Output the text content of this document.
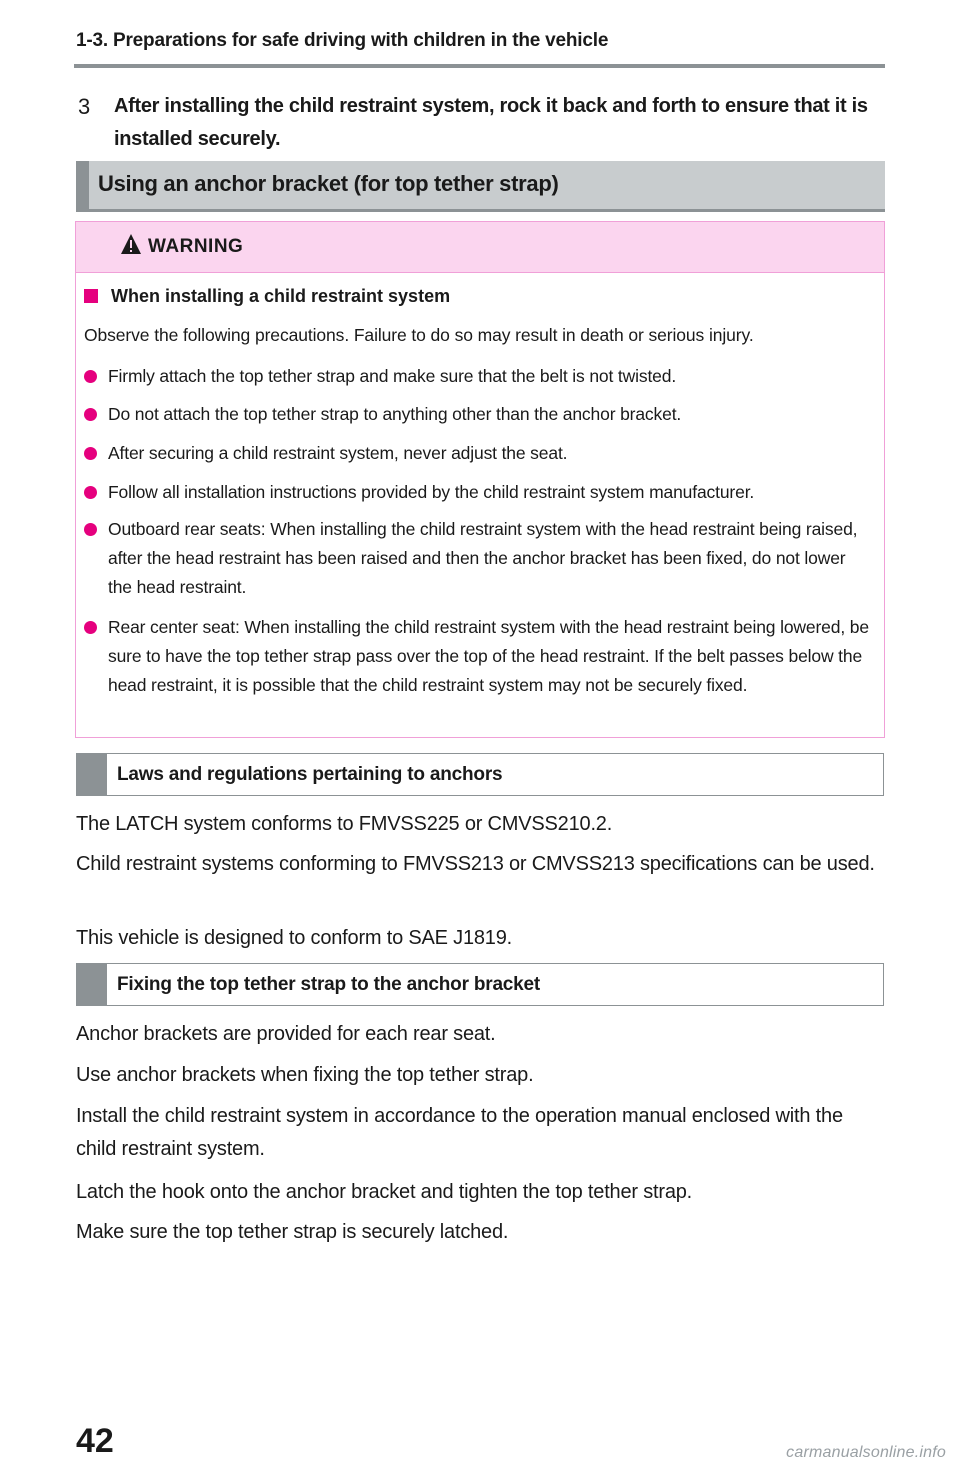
1-3. Preparations for safe driving with children in the vehicle
3	After installing the child restraint system, rock it back and forth to ensure that it is installed securely.
Using an anchor bracket (for top tether strap)
WARNING
When installing a child restraint system
Observe the following precautions. Failure to do so may result in death or serious injury.
Firmly attach the top tether strap and make sure that the belt is not twisted.
Do not attach the top tether strap to anything other than the anchor bracket.
After securing a child restraint system, never adjust the seat.
Follow all installation instructions provided by the child restraint system manufacturer.
Outboard rear seats: When installing the child restraint system with the head restraint being raised, after the head restraint has been raised and then the anchor bracket has been fixed, do not lower the head restraint.
Rear center seat: When installing the child restraint system with the head restraint being lowered, be sure to have the top tether strap pass over the top of the head restraint. If the belt passes below the head restraint, it is possible that the child restraint system may not be securely fixed.
Laws and regulations pertaining to anchors
The LATCH system conforms to FMVSS225 or CMVSS210.2.
Child restraint systems conforming to FMVSS213 or CMVSS213 specifications can be used.
This vehicle is designed to conform to SAE J1819.
Fixing the top tether strap to the anchor bracket
Anchor brackets are provided for each rear seat.
Use anchor brackets when fixing the top tether strap.
Install the child restraint system in accordance to the operation manual enclosed with the child restraint system.
Latch the hook onto the anchor bracket and tighten the top tether strap.
Make sure the top tether strap is securely latched.
42	carmanualsonline.info
